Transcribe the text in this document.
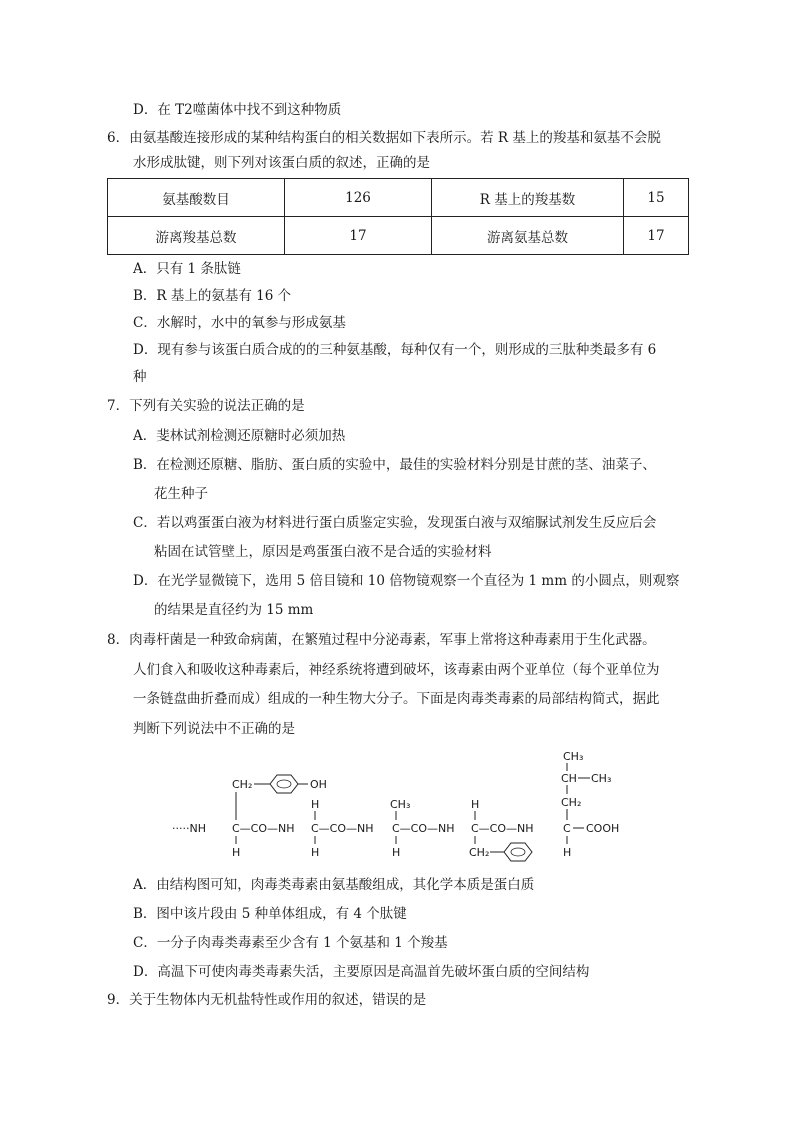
D．在 T2噬菌体中找不到这种物质
6．由氨基酸连接形成的某种结构蛋白的相关数据如下表所示。若 R 基上的羧基和氨基不会脱
水形成肽键，则下列对该蛋白质的叙述，正确的是
氨基酸数目	126	R 基上的羧基数	15
游离羧基总数	17	游离氨基总数	17
A．只有 1 条肽链
B．R 基上的氨基有 16 个
C．水解时，水中的氧参与形成氨基
D．现有参与该蛋白质合成的的三种氨基酸，每种仅有一个，则形成的三肽种类最多有 6
种
7．下列有关实验的说法正确的是
A．斐林试剂检测还原糖时必须加热
B．在检测还原糖、脂肪、蛋白质的实验中，最佳的实验材料分别是甘蔗的茎、油菜子、
花生种子
C．若以鸡蛋蛋白液为材料进行蛋白质鉴定实验，发现蛋白液与双缩脲试剂发生反应后会
粘固在试管壁上，原因是鸡蛋蛋白液不是合适的实验材料
D．在光学显微镜下，选用 5 倍目镜和 10 倍物镜观察一个直径为 1 mm 的小圆点，则观察
的结果是直径约为 15 mm
8．肉毒杆菌是一种致命病菌，在繁殖过程中分泌毒素，军事上常将这种毒素用于生化武器。
人们食入和吸收这种毒素后，神经系统将遭到破坏，该毒素由两个亚单位（每个亚单位为
一条链盘曲折叠而成）组成的一种生物大分子。下面是肉毒类毒素的局部结构简式，据此
判断下列说法中不正确的是
CH₂	OH
H	CH₃	H
CH₃
CH CH₃
CH₂
·····NH C—CO—NH C—CO—NH C—CO—NH C—CO—NH	C COOH
H	H	H	CH₂	H
A．由结构图可知，肉毒类毒素由氨基酸组成，其化学本质是蛋白质
B．图中该片段由 5 种单体组成，有 4 个肽键
C．一分子肉毒类毒素至少含有 1 个氨基和 1 个羧基
D．高温下可使肉毒类毒素失活，主要原因是高温首先破坏蛋白质的空间结构
9．关于生物体内无机盐特性或作用的叙述，错误的是
